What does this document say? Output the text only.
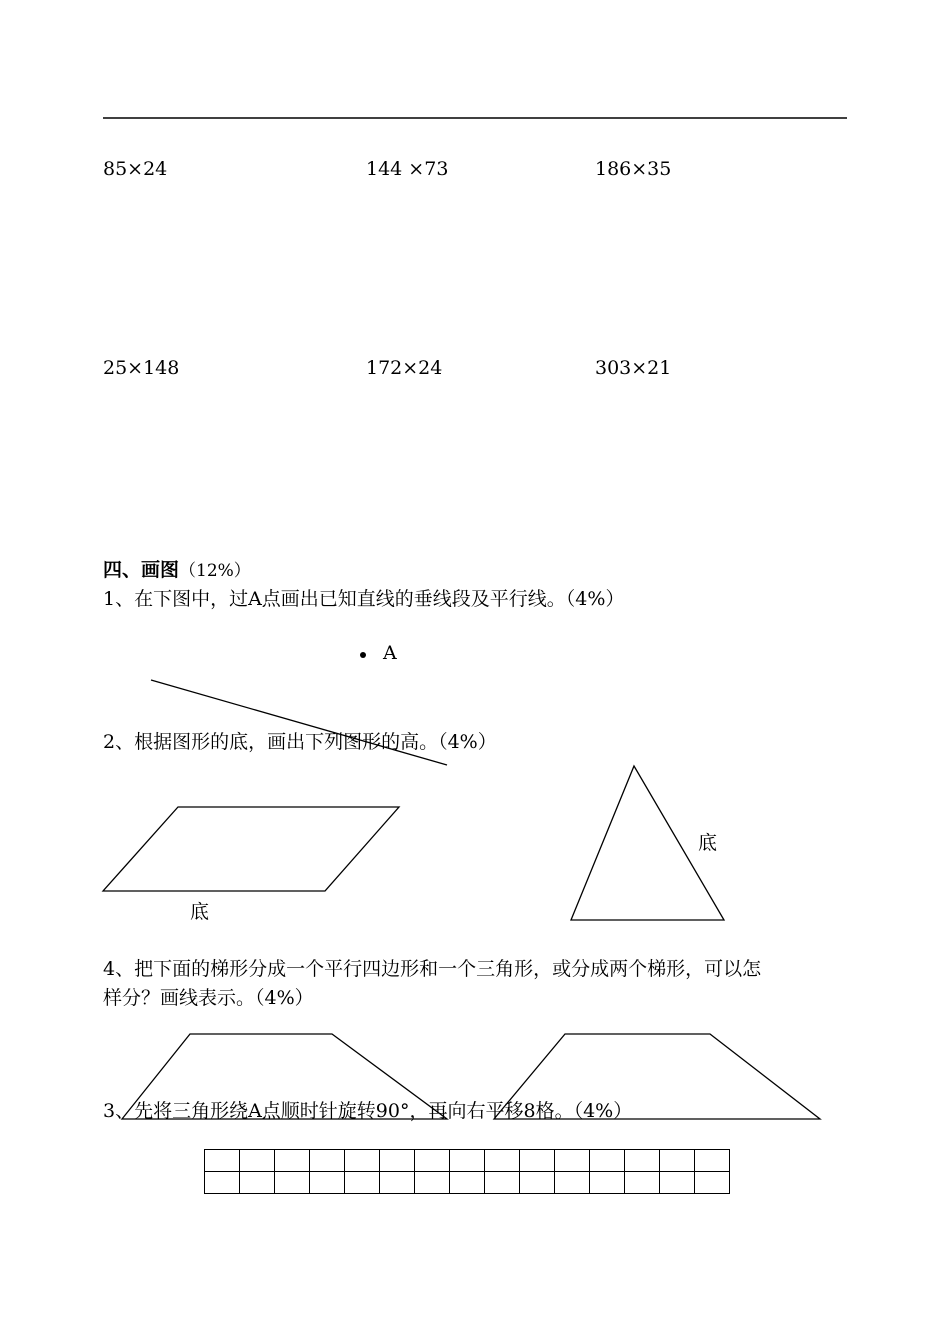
85×24	144 ×73	186×35
25×148	172×24	303×21
四、画图（12%）
1、在下图中，过A点画出已知直线的垂线段及平行线。（4%）
A
2、根据图形的底，画出下列图形的高。（4%）
底
底
4、把下面的梯形分成一个平行四边形和一个三角形，或分成两个梯形，可以怎
样分？画线表示。（4%）
3、先将三角形绕A点顺时针旋转90°，再向右平移8格。（4%）
